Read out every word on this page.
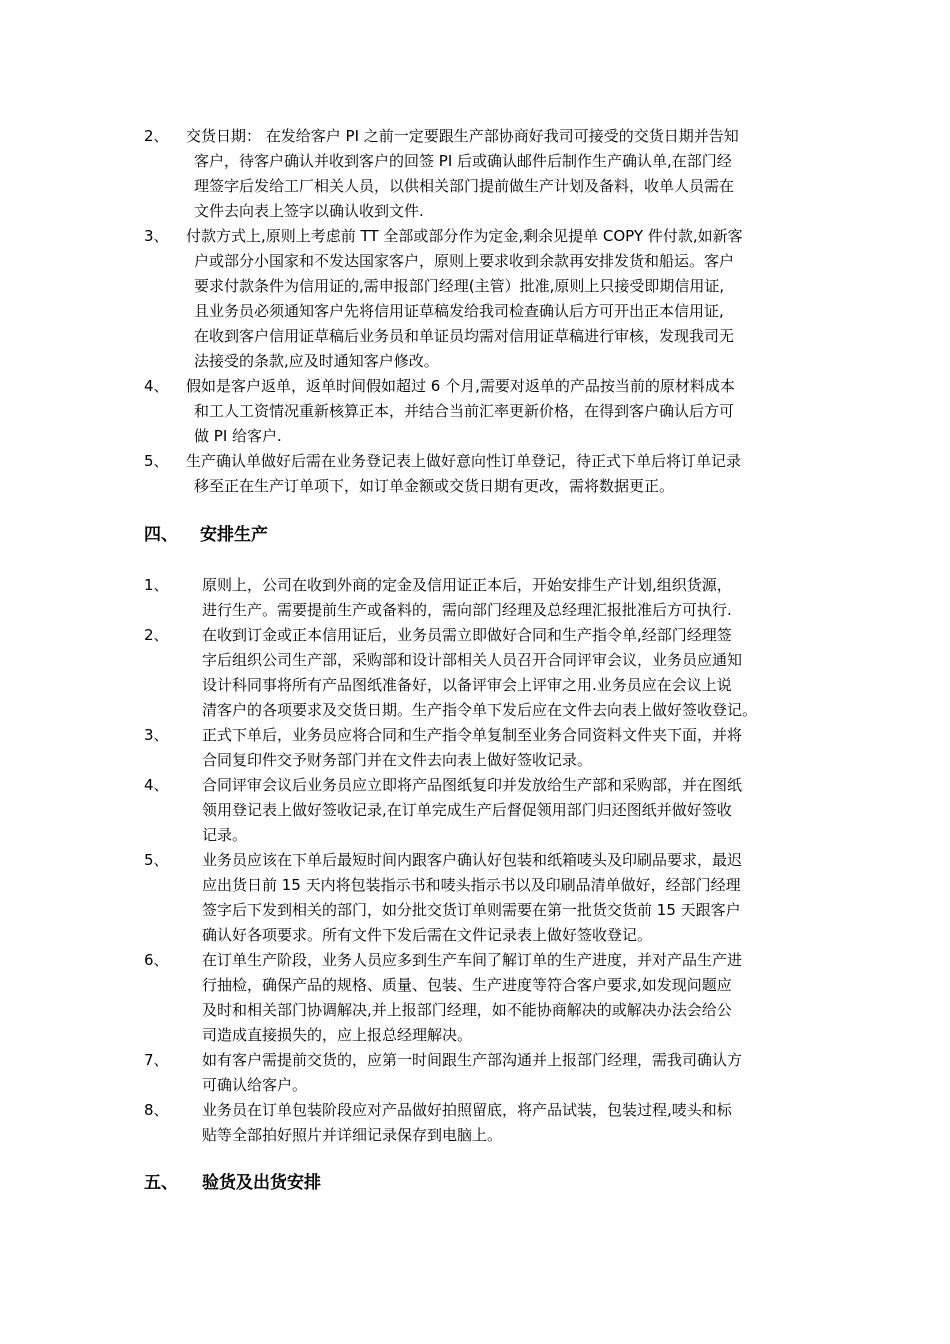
2、 交货日期： 在发给客户 PI 之前一定要跟生产部协商好我司可接受的交货日期并告知
客户，待客户确认并收到客户的回签 PI 后或确认邮件后制作生产确认单,在部门经
理签字后发给工厂相关人员，以供相关部门提前做生产计划及备料，收单人员需在
文件去向表上签字以确认收到文件.
3、 付款方式上,原则上考虑前 TT 全部或部分作为定金,剩余见提单 COPY 件付款,如新客
户或部分小国家和不发达国家客户，原则上要求收到余款再安排发货和船运。客户
要求付款条件为信用证的,需申报部门经理(主管）批准,原则上只接受即期信用证,
且业务员必须通知客户先将信用证草稿发给我司检查确认后方可开出正本信用证,
在收到客户信用证草稿后业务员和单证员均需对信用证草稿进行审核，发现我司无
法接受的条款,应及时通知客户修改。
4、 假如是客户返单，返单时间假如超过 6 个月,需要对返单的产品按当前的原材料成本
和工人工资情况重新核算正本，并结合当前汇率更新价格，在得到客户确认后方可
做 PI 给客户.
5、 生产确认单做好后需在业务登记表上做好意向性订单登记，待正式下单后将订单记录
移至正在生产订单项下，如订单金额或交货日期有更改，需将数据更正。
四、 安排生产
1、 原则上，公司在收到外商的定金及信用证正本后，开始安排生产计划,组织货源，
进行生产。需要提前生产或备料的，需向部门经理及总经理汇报批准后方可执行.
2、 在收到订金或正本信用证后，业务员需立即做好合同和生产指令单,经部门经理签
字后组织公司生产部，采购部和设计部相关人员召开合同评审会议，业务员应通知
设计科同事将所有产品图纸准备好，以备评审会上评审之用.业务员应在会议上说
清客户的各项要求及交货日期。生产指令单下发后应在文件去向表上做好签收登记。
3、 正式下单后，业务员应将合同和生产指令单复制至业务合同资料文件夹下面，并将
合同复印件交予财务部门并在文件去向表上做好签收记录。
4、 合同评审会议后业务员应立即将产品图纸复印并发放给生产部和采购部，并在图纸
领用登记表上做好签收记录,在订单完成生产后督促领用部门归还图纸并做好签收
记录。
5、 业务员应该在下单后最短时间内跟客户确认好包装和纸箱唛头及印刷品要求，最迟
应出货日前 15 天内将包装指示书和唛头指示书以及印刷品清单做好，经部门经理
签字后下发到相关的部门，如分批交货订单则需要在第一批货交货前 15 天跟客户
确认好各项要求。所有文件下发后需在文件记录表上做好签收登记。
6、 在订单生产阶段，业务人员应多到生产车间了解订单的生产进度，并对产品生产进
行抽检，确保产品的规格、质量、包装、生产进度等符合客户要求,如发现问题应
及时和相关部门协调解决,并上报部门经理，如不能协商解决的或解决办法会给公
司造成直接损失的，应上报总经理解决。
7、 如有客户需提前交货的，应第一时间跟生产部沟通并上报部门经理，需我司确认方
可确认给客户。
8、 业务员在订单包装阶段应对产品做好拍照留底，将产品试装，包装过程,唛头和标
贴等全部拍好照片并详细记录保存到电脑上。
五、 验货及出货安排
